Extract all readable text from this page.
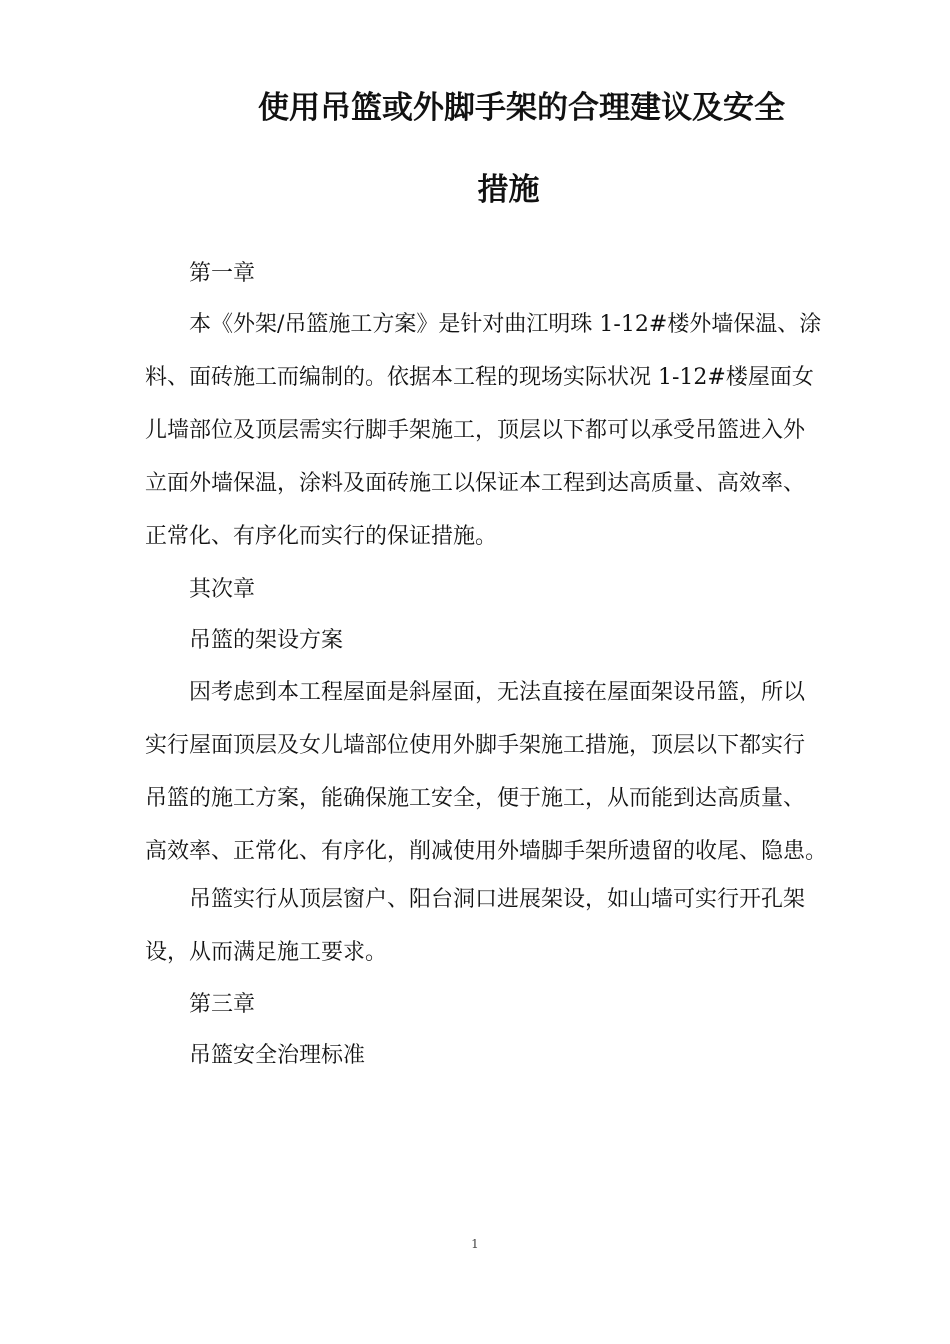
使用吊篮或外脚手架的合理建议及安全
措施

第一章

本《外架/吊篮施工方案》是针对曲江明珠 1-12#楼外墙保温、涂
料、面砖施工而编制的。依据本工程的现场实际状况 1-12#楼屋面女
儿墙部位及顶层需实行脚手架施工，顶层以下都可以承受吊篮进入外
立面外墙保温，涂料及面砖施工以保证本工程到达高质量、高效率、
正常化、有序化而实行的保证措施。

其次章

吊篮的架设方案

因考虑到本工程屋面是斜屋面，无法直接在屋面架设吊篮，所以
实行屋面顶层及女儿墙部位使用外脚手架施工措施，顶层以下都实行
吊篮的施工方案，能确保施工安全，便于施工，从而能到达高质量、
高效率、正常化、有序化，削减使用外墙脚手架所遗留的收尾、隐患。

吊篮实行从顶层窗户、阳台洞口进展架设，如山墙可实行开孔架
设，从而满足施工要求。

第三章

吊篮安全治理标准

1
